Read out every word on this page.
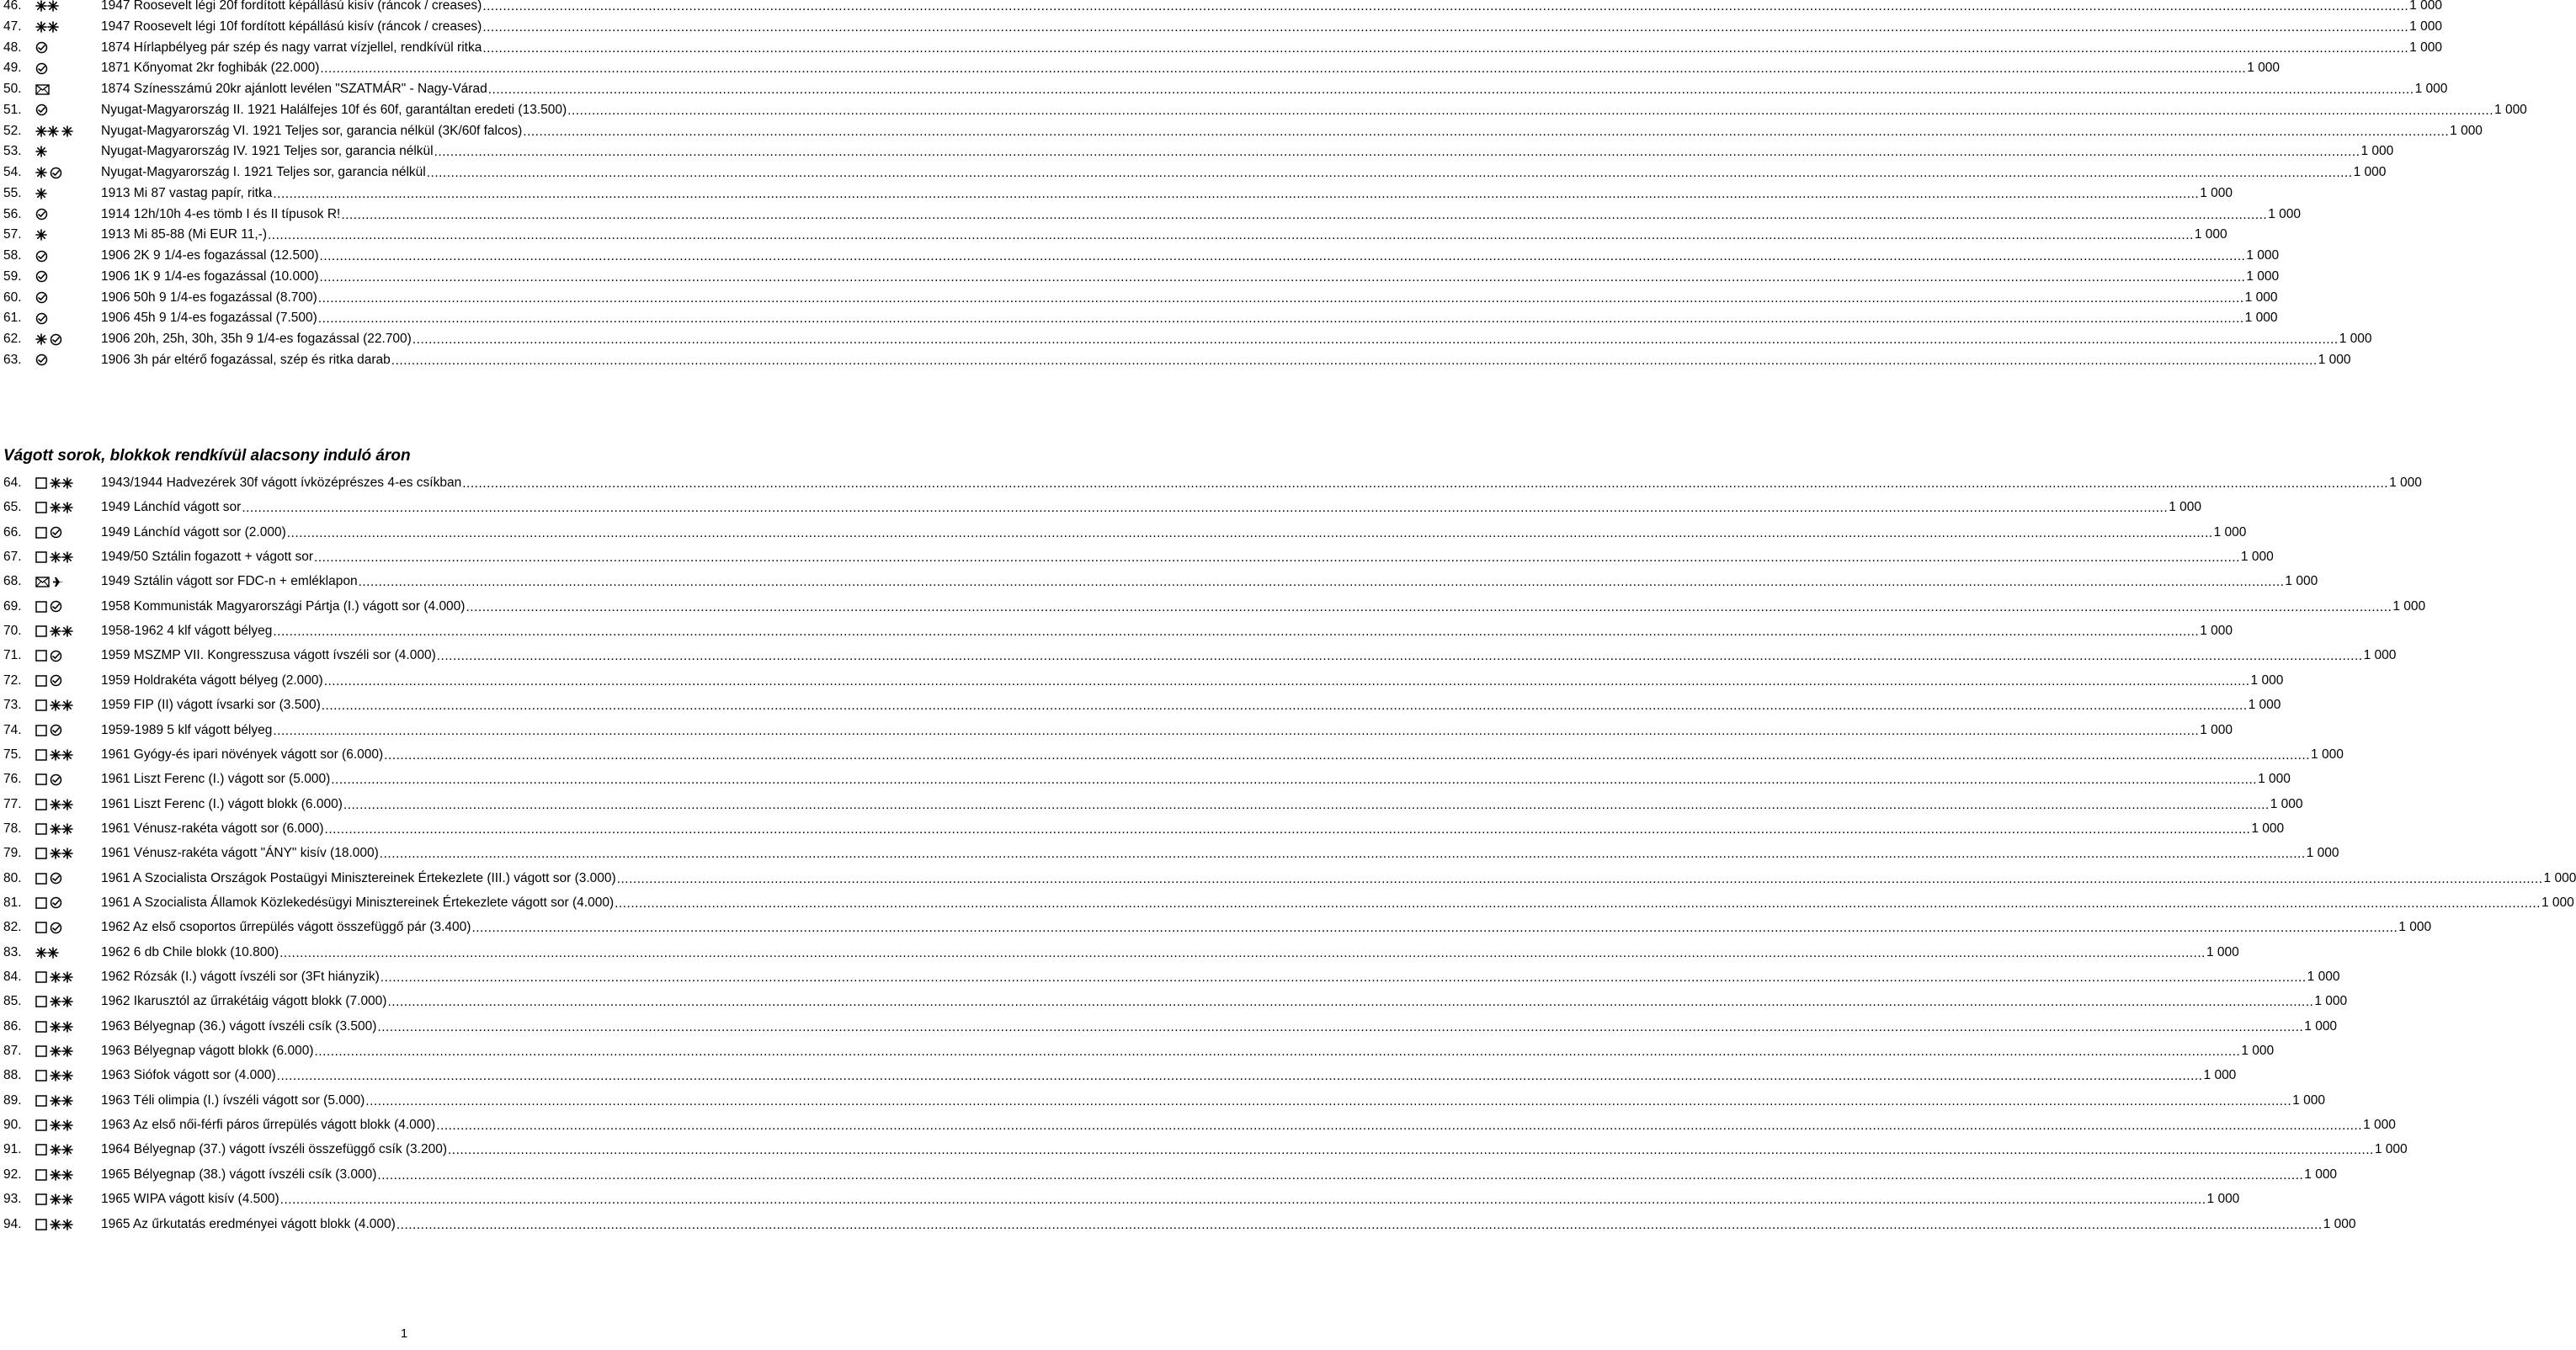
46.	1947 Roosevelt légi 20f fordított képállású kisív (ráncok / creases) .....	1 000
47.	1947 Roosevelt légi 10f fordított képállású kisív (ráncok / creases) .....	1 000
48.	1874 Hírlapbélyeg pár szép és nagy varrat vízjellel, rendkívül ritka .....	1 000
49.	1871 Kőnyomat 2kr foghibák (22.000) .....	1 000
50.	1874 Színesszámú 20kr ajánlott levélen "SZATMÁR" - Nagy-Várad .....	1 000
51.	Nyugat-Magyarország II. 1921 Halálfejes 10f és 60f, garantáltan eredeti (13.500) .....	1 000
52.	Nyugat-Magyarország VI. 1921 Teljes sor, garancia nélkül (3K/60f falcos) .....	1 000
53.	Nyugat-Magyarország IV. 1921 Teljes sor, garancia nélkül .....	1 000
54.	Nyugat-Magyarország I. 1921 Teljes sor, garancia nélkül .....	1 000
55.	1913 Mi 87 vastag papír, ritka .....	1 000
56.	1914 12h/10h 4-es tömb I és II típusok R! .....	1 000
57.	1913 Mi 85-88 (Mi EUR 11,-) .....	1 000
58.	1906 2K 9 1/4-es fogazással (12.500) .....	1 000
59.	1906 1K 9 1/4-es fogazással (10.000) .....	1 000
60.	1906 50h 9 1/4-es fogazással (8.700) .....	1 000
61.	1906 45h 9 1/4-es fogazással (7.500) .....	1 000
62.	1906 20h, 25h, 30h, 35h 9 1/4-es fogazással (22.700) .....	1 000
63.	1906 3h pár eltérő fogazással, szép és ritka darab .....	1 000
Vágott sorok, blokkok rendkívül alacsony induló áron
64.	1943/1944 Hadvezérek 30f vágott ívközéprészes 4-es csíkban .....	1 000
65.	1949 Lánchíd vágott sor .....	1 000
66.	1949 Lánchíd vágott sor (2.000) .....	1 000
67.	1949/50 Sztálin fogazott + vágott sor .....	1 000
68.	1949 Sztálin vágott sor FDC-n + emléklapon .....	1 000
69.	1958 Kommunisták Magyarországi Pártja (I.) vágott sor (4.000) .....	1 000
70.	1958-1962 4 klf vágott bélyeg .....	1 000
71.	1959 MSZMP VII. Kongresszusa vágott ívszéli sor (4.000) .....	1 000
72.	1959 Holdrakéta vágott bélyeg (2.000) .....	1 000
73.	1959 FIP (II) vágott ívsarki sor (3.500) .....	1 000
74.	1959-1989 5 klf vágott bélyeg .....	1 000
75.	1961 Gyógy-és ipari növények vágott sor (6.000) .....	1 000
76.	1961 Liszt Ferenc (I.) vágott sor (5.000) .....	1 000
77.	1961 Liszt Ferenc (I.) vágott blokk (6.000) .....	1 000
78.	1961 Vénusz-rakéta vágott sor (6.000) .....	1 000
79.	1961 Vénusz-rakéta vágott "ÁNY" kisív (18.000) .....	1 000
80.	1961 A Szocialista Országok Postaügyi Minisztereinek Értekezlete (III.) vágott sor (3.000) .....	1 000
81.	1961 A Szocialista Államok Közlekedésügyi Minisztereinek Értekezlete vágott sor (4.000) .....	1 000
82.	1962 Az első csoportos űrrepülés vágott összefüggő pár (3.400) .....	1 000
83.	1962 6 db Chile blokk (10.800) .....	1 000
84.	1962 Rózsák (I.) vágott ívszéli sor (3Ft hiányzik) .....	1 000
85.	1962 Ikarusztól az űrrakétáig vágott blokk (7.000) .....	1 000
86.	1963 Bélyegnap (36.) vágott ívszéli csík (3.500) .....	1 000
87.	1963 Bélyegnap vágott blokk (6.000) .....	1 000
88.	1963 Siófok vágott sor (4.000) .....	1 000
89.	1963 Téli olimpia (I.) ívszéli vágott sor (5.000) .....	1 000
90.	1963 Az első női-férfi páros űrrepülés vágott blokk (4.000) .....	1 000
91.	1964 Bélyegnap (37.) vágott ívszéli összefüggő csík (3.200) .....	1 000
92.	1965 Bélyegnap (38.) vágott ívszéli csík (3.000) .....	1 000
93.	1965 WIPA vágott kisív (4.500) .....	1 000
94.	1965 Az űrkutatás eredményei vágott blokk (4.000) .....	1 000
1
